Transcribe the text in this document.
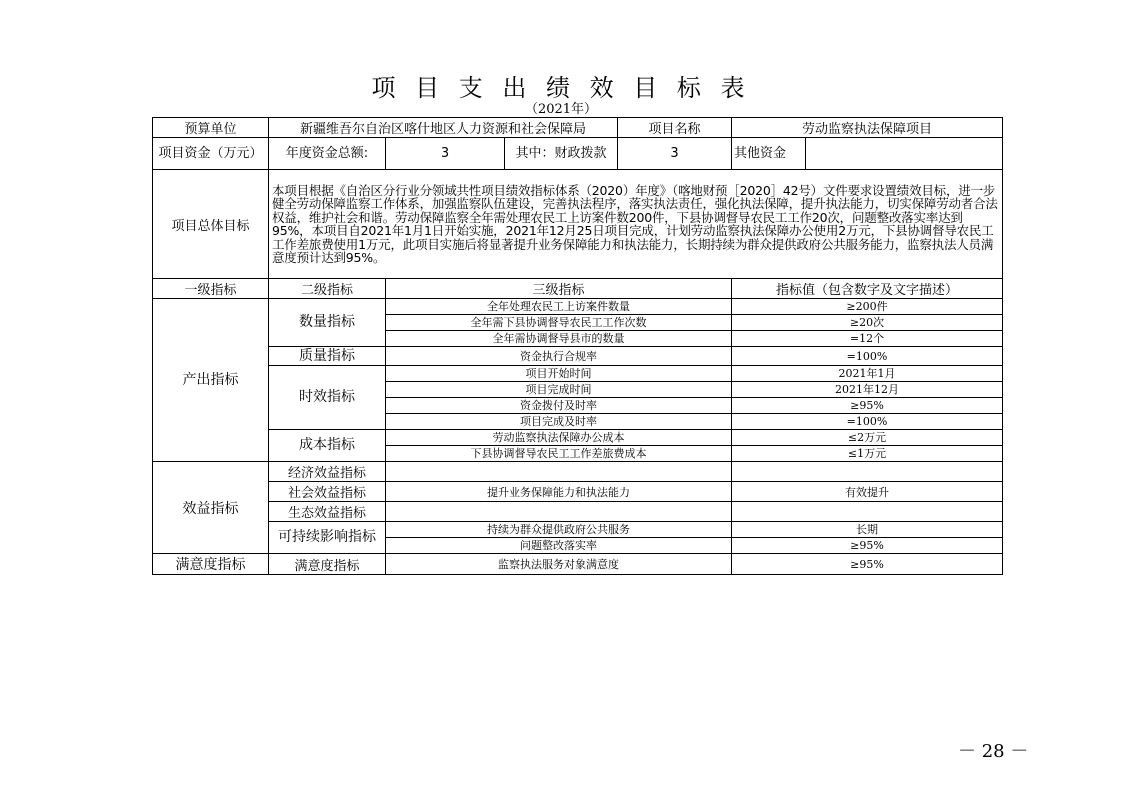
项 目 支 出 绩 效 目 标 表
（2021年）
预算单位	新疆维吾尔自治区喀什地区人力资源和社会保障局			项目名称	劳动监察执法保障项目	
项目资金（万元）	年度资金总额:	3	其中：财政拨款	3	其他资金	
项目总体目标	本项目根据《自治区分行业分领域共性项目绩效指标体系（2020）年度》（喀地财预［2020］42号）文件要求设置绩效目标，进一步健全劳动保障监察工作体系，加强监察队伍建设，完善执法程序，落实执法责任，强化执法保障，提升执法能力，切实保障劳动者合法权益，维护社会和谐。劳动保障监察全年需处理农民工上访案件数200件，下县协调督导农民工工作20次，问题整改落实率达到95%，本项目自2021年1月1日开始实施，2021年12月25日项目完成，计划劳动监察执法保障办公使用2万元，下县协调督导农民工工作差旅费使用1万元，此项目实施后将显著提升业务保障能力和执法能力，长期持续为群众提供政府公共服务能力，监察执法人员满意度预计达到95%。					
一级指标	二级指标	三级指标			指标值（包含数字及文字描述）	
产出指标	数量指标	全年处理农民工上访案件数量			≥200件	
		全年需下县协调督导农民工工作次数			≥20次	
		全年需协调督导县市的数量			=12个	
	质量指标	资金执行合规率			=100%	
	时效指标	项目开始时间			2021年1月	
		项目完成时间			2021年12月	
		资金拨付及时率			≥95%	
		项目完成及时率			=100%	
	成本指标	劳动监察执法保障办公成本			≤2万元	
		下县协调督导农民工工作差旅费成本			≤1万元	
效益指标	经济效益指标					
	社会效益指标	提升业务保障能力和执法能力			有效提升	
	生态效益指标					
	可持续影响指标	持续为群众提供政府公共服务			长期	
		问题整改落实率			≥95%	
满意度指标	满意度指标	监察执法服务对象满意度			≥95%	
－ 28 －
